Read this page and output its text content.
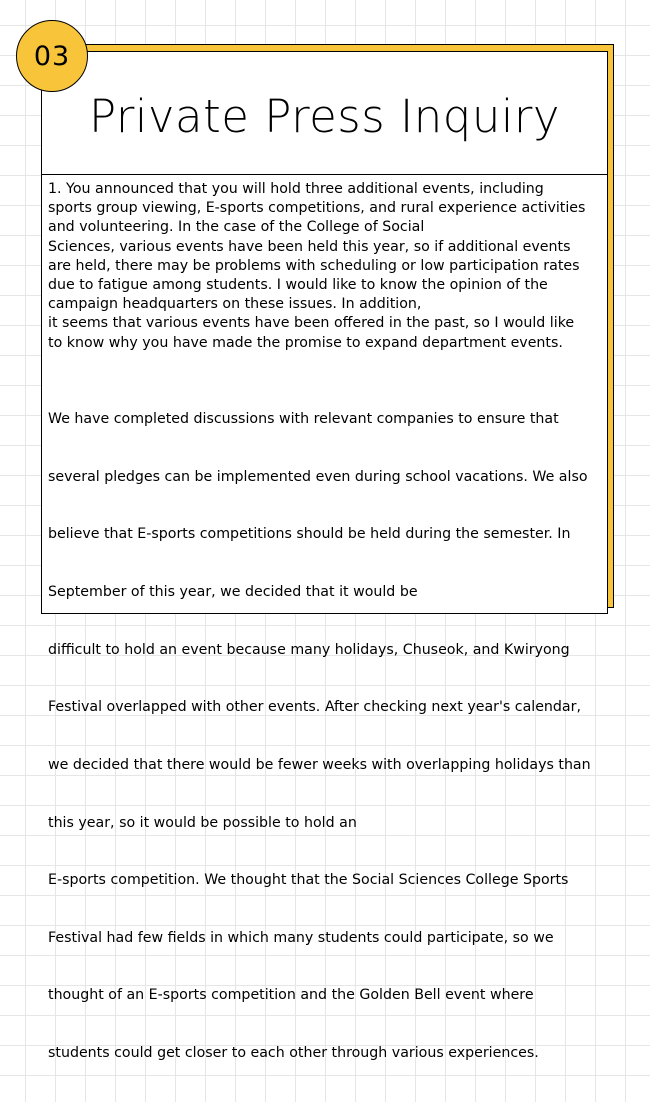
Private Press Inquiry

1. You announced that you will hold three additional events, including
sports group viewing, E-sports competitions, and rural experience activities
and volunteering. In the case of the College of Social
Sciences, various events have been held this year, so if additional events
are held, there may be problems with scheduling or low participation rates
due to fatigue among students. I would like to know the opinion of the
campaign headquarters on these issues. In addition,
it seems that various events have been offered in the past, so I would like
to know why you have made the promise to expand department events.

We have completed discussions with relevant companies to ensure that

several pledges can be implemented even during school vacations. We also

believe that E-sports competitions should be held during the semester. In

September of this year, we decided that it would be

difficult to hold an event because many holidays, Chuseok, and Kwiryong

Festival overlapped with other events. After checking next year's calendar,

we decided that there would be fewer weeks with overlapping holidays than

this year, so it would be possible to hold an

E-sports competition. We thought that the Social Sciences College Sports

Festival had few fields in which many students could participate, so we

thought of an E-sports competition and the Golden Bell event where

students could get closer to each other through various experiences.

03
